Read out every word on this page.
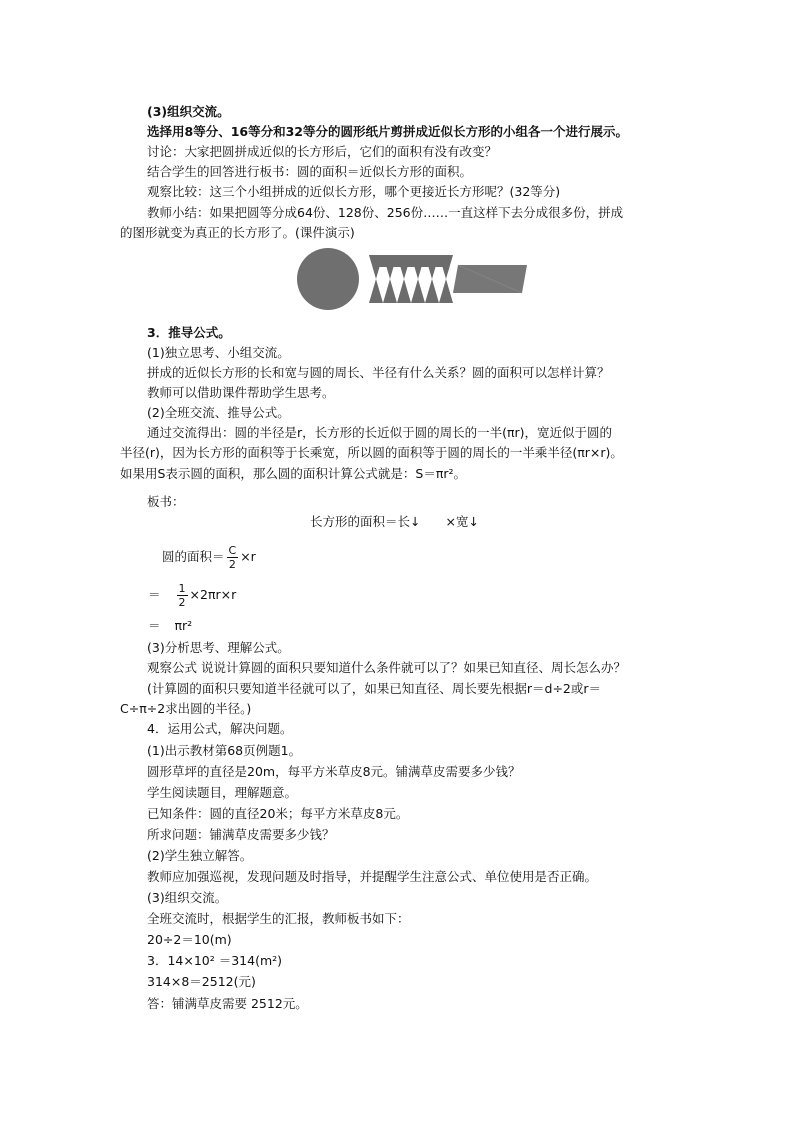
(3)组织交流。
选择用8等分、16等分和32等分的圆形纸片剪拼成近似长方形的小组各一个进行展示。
讨论：大家把圆拼成近似的长方形后，它们的面积有没有改变？
结合学生的回答进行板书：圆的面积＝近似长方形的面积。
观察比较：这三个小组拼成的近似长方形，哪个更接近长方形呢？(32等分)
教师小结：如果把圆等分成64份、128份、256份……一直这样下去分成很多份，拼成
的图形就变为真正的长方形了。(课件演示)
3．推导公式。
(1)独立思考、小组交流。
拼成的近似长方形的长和宽与圆的周长、半径有什么关系？圆的面积可以怎样计算？
教师可以借助课件帮助学生思考。
(2)全班交流、推导公式。
通过交流得出：圆的半径是r，长方形的长近似于圆的周长的一半(πr)，宽近似于圆的
半径(r)，因为长方形的面积等于长乘宽，所以圆的面积等于圆的周长的一半乘半径(πr×r)。
如果用S表示圆的面积，那么圆的面积计算公式就是：S＝πr²。
板书：
长方形的面积＝长↓　　×宽↓
圆的面积＝ $\frac{C}{2} \times r$
＝ $\frac{1}{2} \times 2\pi r\times r$
＝ πr²
(3)分析思考、理解公式。
观察公式 说说计算圆的面积只要知道什么条件就可以了？如果已知直径、周长怎么办？
(计算圆的面积只要知道半径就可以了，如果已知直径、周长要先根据r＝d÷2或r＝
C÷π÷2求出圆的半径。)
4．运用公式，解决问题。
(1)出示教材第68页例题1。
圆形草坪的直径是20m，每平方米草皮8元。铺满草皮需要多少钱？
学生阅读题目，理解题意。
已知条件：圆的直径20米；每平方米草皮8元。
所求问题：铺满草皮需要多少钱？
(2)学生独立解答。
教师应加强巡视，发现问题及时指导，并提醒学生注意公式、单位使用是否正确。
(3)组织交流。
全班交流时，根据学生的汇报，教师板书如下：
20÷2＝10(m)
3．14×10² ＝314(m²)
314×8＝2512(元)
答：铺满草皮需要 2512元。
